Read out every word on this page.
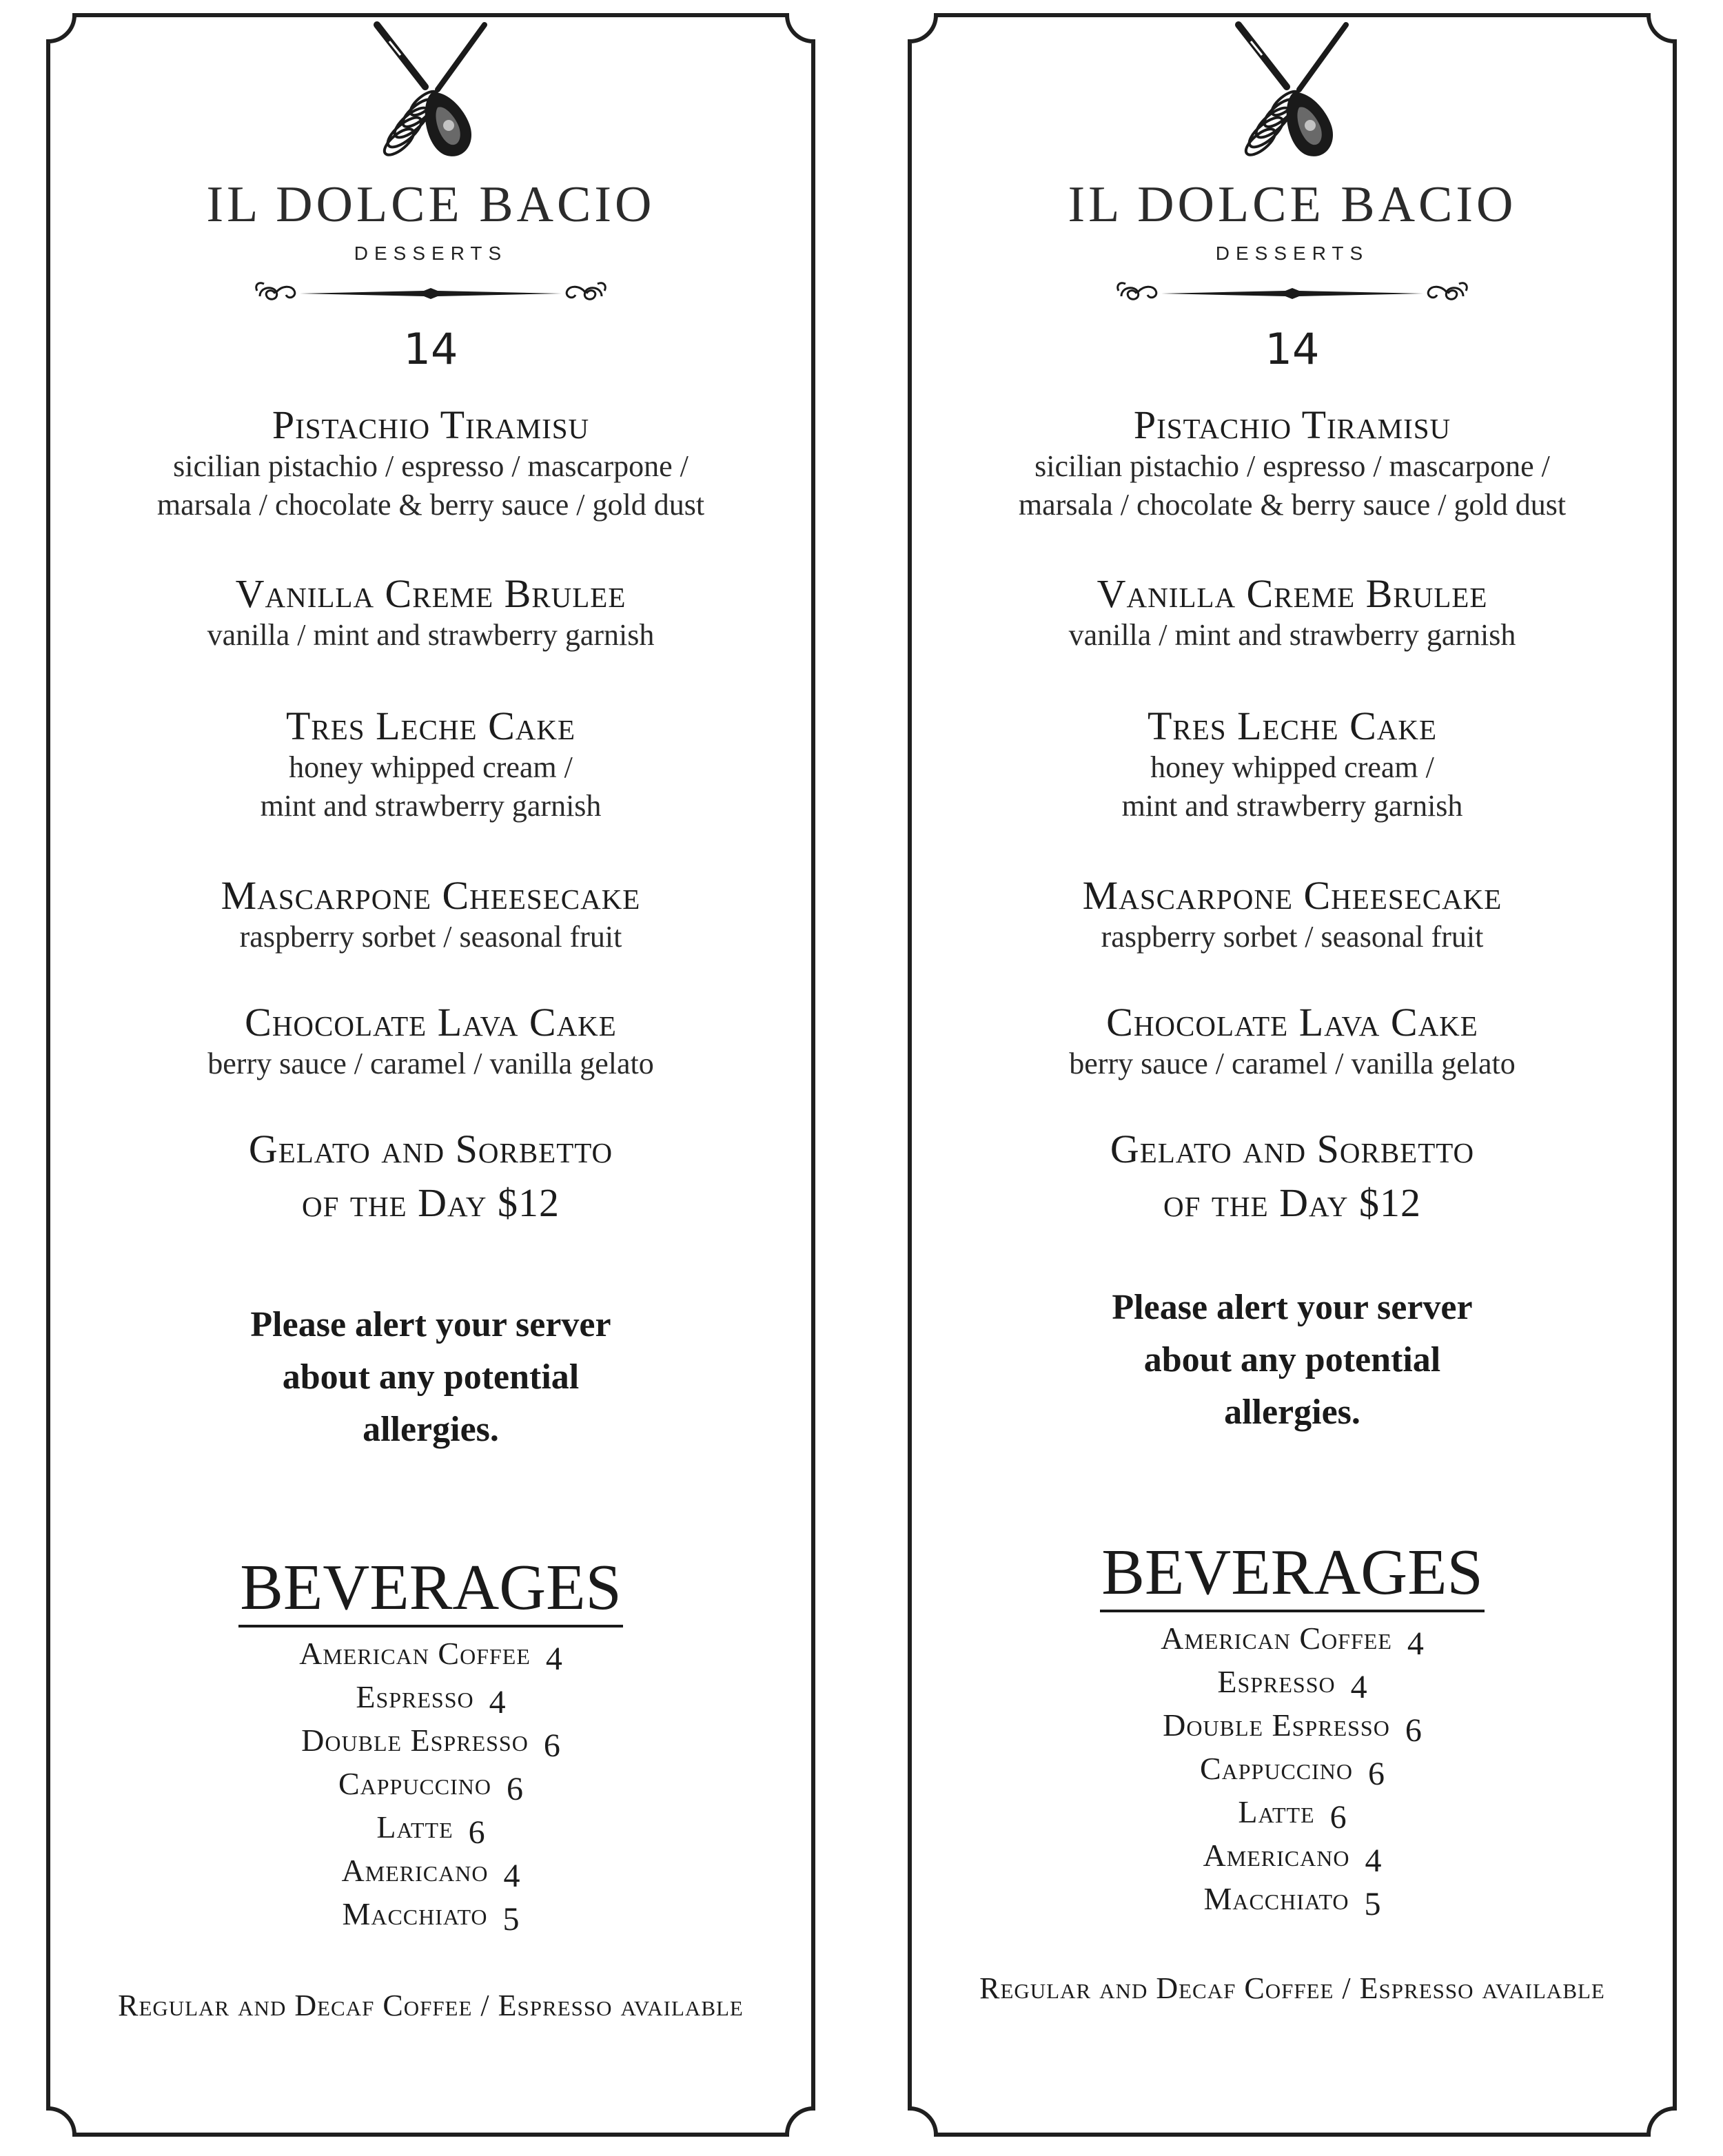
IL DOLCE BACIO
DESSERTS
14
Pistachio Tiramisu
sicilian pistachio / espresso / mascarpone /
marsala / chocolate & berry sauce / gold dust
Vanilla Creme Brulee
vanilla / mint and strawberry garnish
Tres Leche Cake
honey whipped cream /
mint and strawberry garnish
Mascarpone Cheesecake
raspberry sorbet / seasonal fruit
Chocolate Lava Cake
berry sauce / caramel / vanilla gelato
Gelato and Sorbetto
of the Day $12
Please alert your server
about any potential
allergies.
BEVERAGES
American Coffee 4
Espresso 4
Double Espresso 6
Cappuccino 6
Latte 6
Americano 4
Macchiato 5
Regular and Decaf Coffee / Espresso available
IL DOLCE BACIO
DESSERTS
14
Pistachio Tiramisu
sicilian pistachio / espresso / mascarpone /
marsala / chocolate & berry sauce / gold dust
Vanilla Creme Brulee
vanilla / mint and strawberry garnish
Tres Leche Cake
honey whipped cream /
mint and strawberry garnish
Mascarpone Cheesecake
raspberry sorbet / seasonal fruit
Chocolate Lava Cake
berry sauce / caramel / vanilla gelato
Gelato and Sorbetto
of the Day $12
Please alert your server
about any potential
allergies.
BEVERAGES
American Coffee 4
Espresso 4
Double Espresso 6
Cappuccino 6
Latte 6
Americano 4
Macchiato 5
Regular and Decaf Coffee / Espresso available
